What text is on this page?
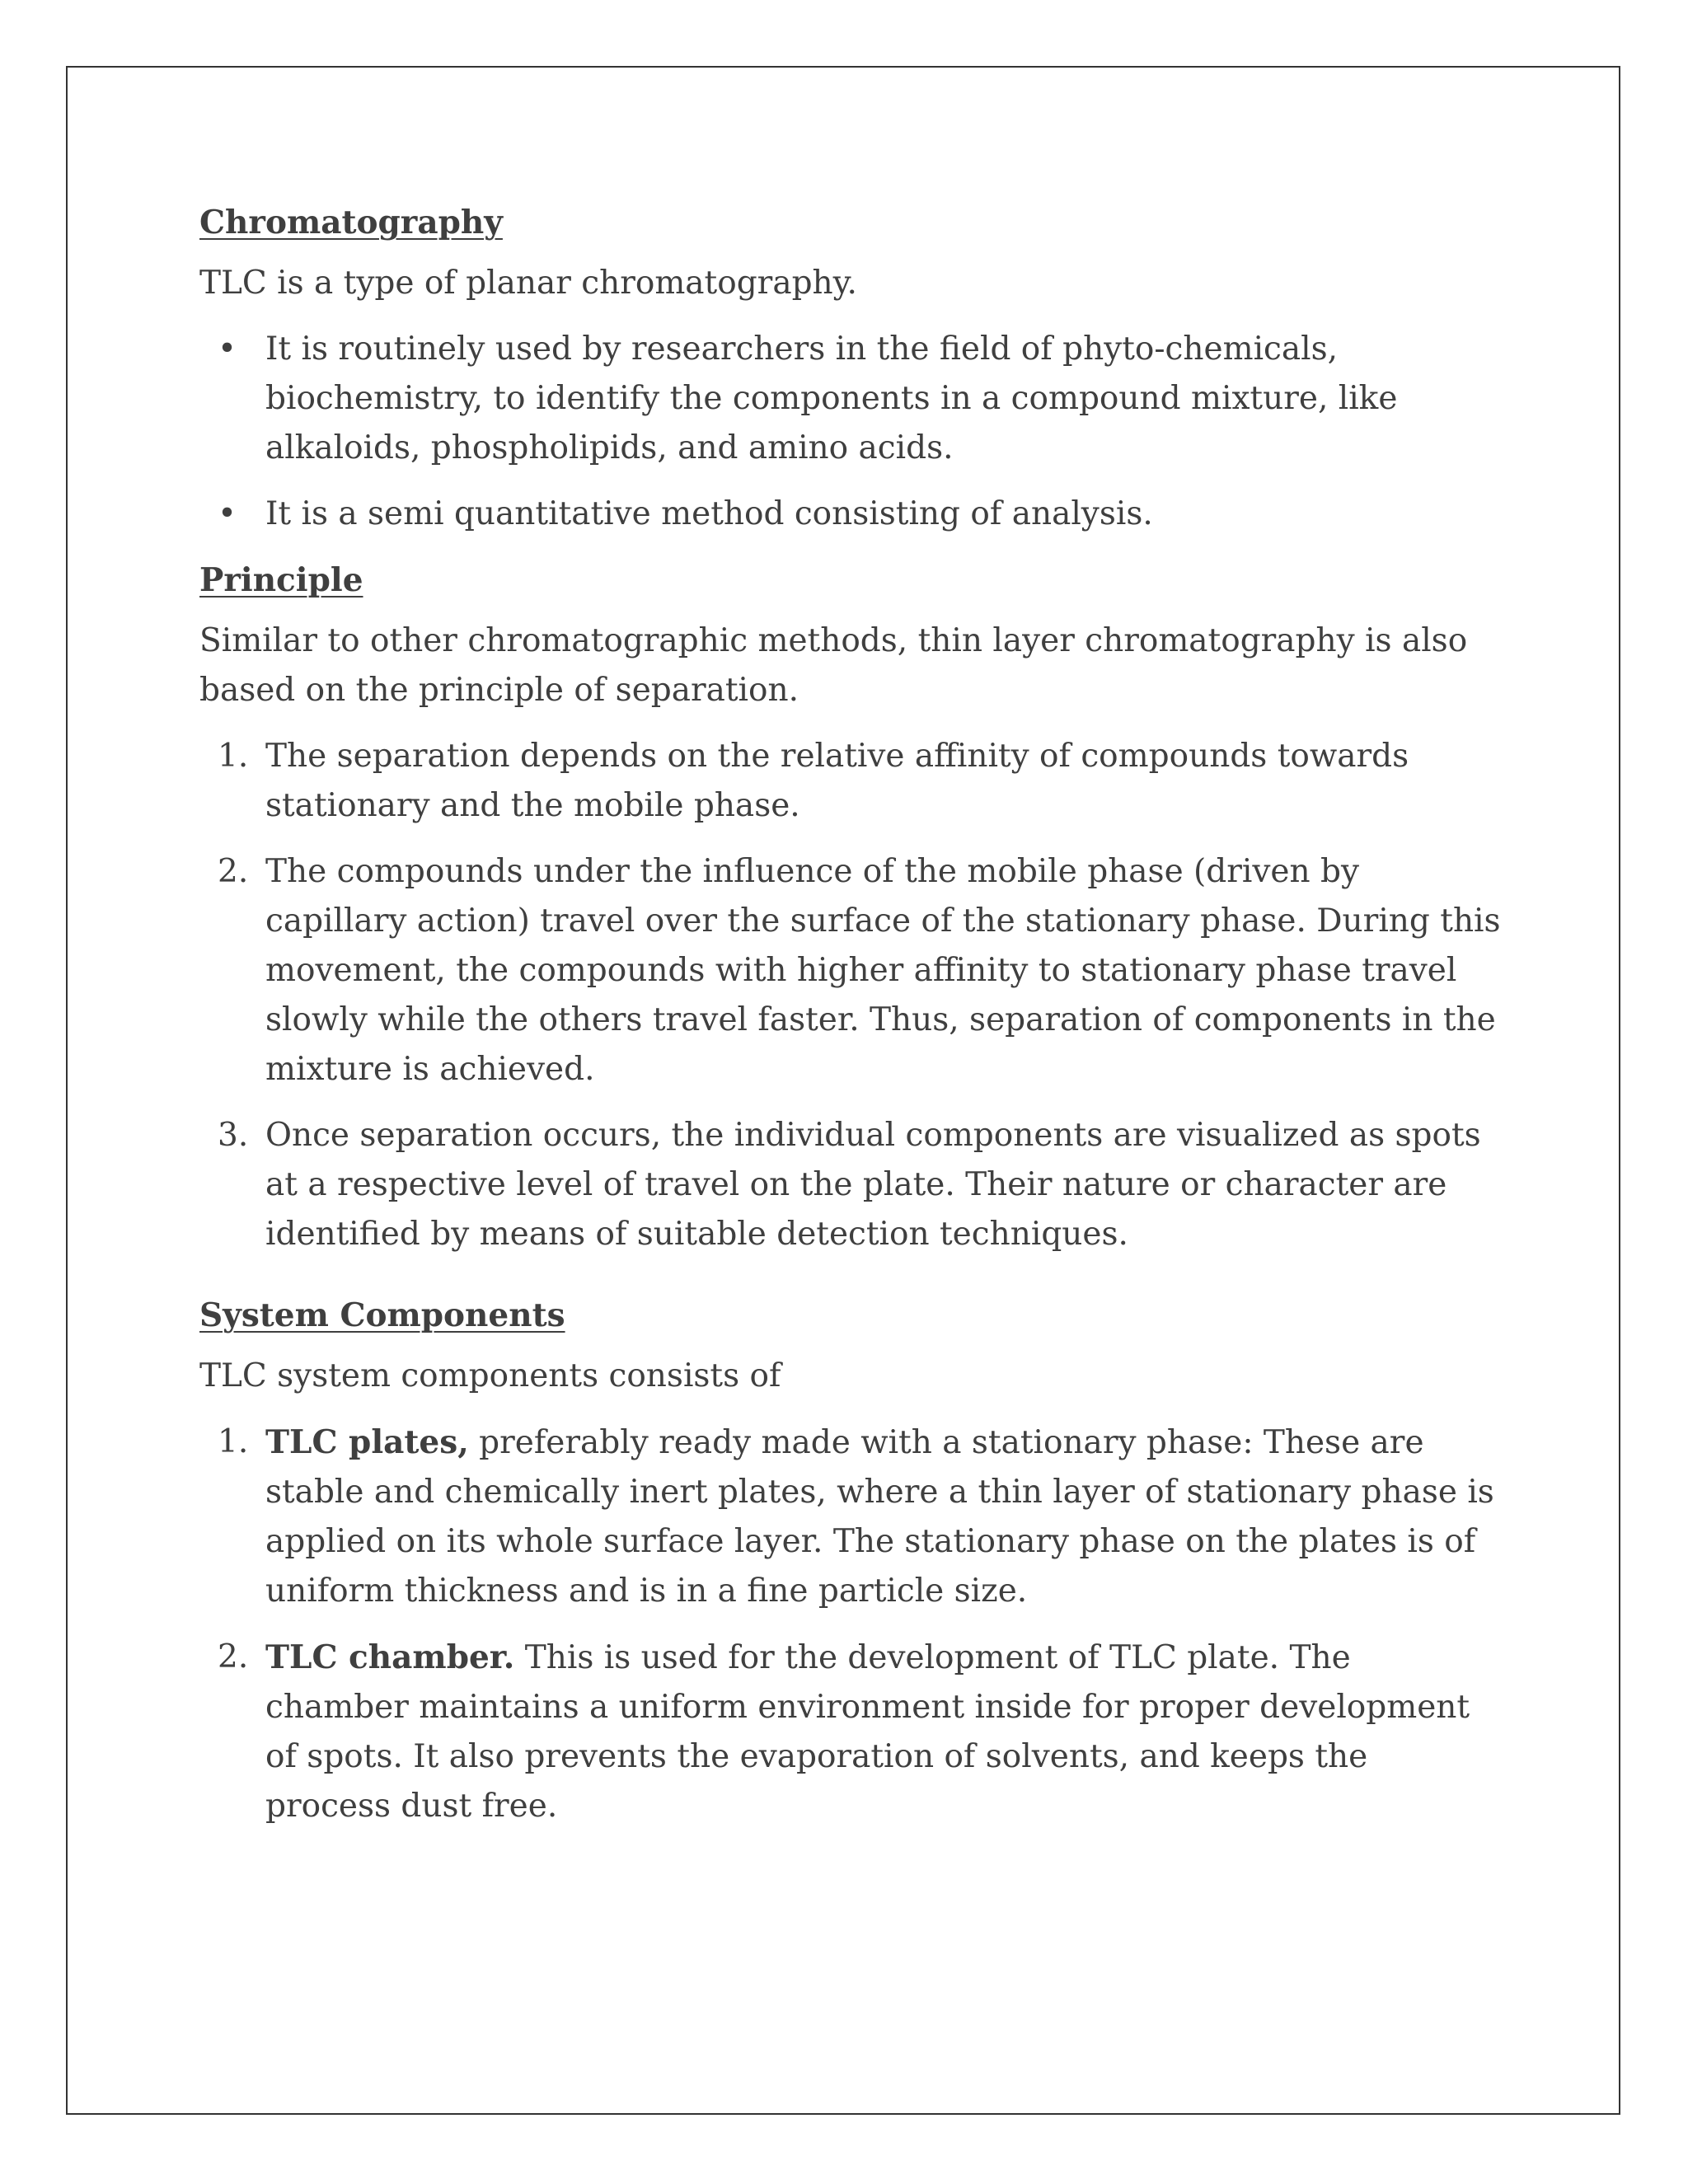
Chromatography

TLC is a type of planar chromatography.

• It is routinely used by researchers in the field of phyto-chemicals, biochemistry, to identify the components in a compound mixture, like alkaloids, phospholipids, and amino acids.
• It is a semi quantitative method consisting of analysis.
Principle

Similar to other chromatographic methods, thin layer chromatography is also based on the principle of separation.

1. The separation depends on the relative affinity of compounds towards stationary and the mobile phase.
2. The compounds under the influence of the mobile phase (driven by capillary action) travel over the surface of the stationary phase. During this movement, the compounds with higher affinity to stationary phase travel slowly while the others travel faster. Thus, separation of components in the mixture is achieved.
3. Once separation occurs, the individual components are visualized as spots at a respective level of travel on the plate. Their nature or character are identified by means of suitable detection techniques.
System Components

TLC system components consists of

1. TLC plates, preferably ready made with a stationary phase: These are stable and chemically inert plates, where a thin layer of stationary phase is applied on its whole surface layer. The stationary phase on the plates is of uniform thickness and is in a fine particle size.
2. TLC chamber. This is used for the development of TLC plate. The chamber maintains a uniform environment inside for proper development of spots. It also prevents the evaporation of solvents, and keeps the process dust free.
